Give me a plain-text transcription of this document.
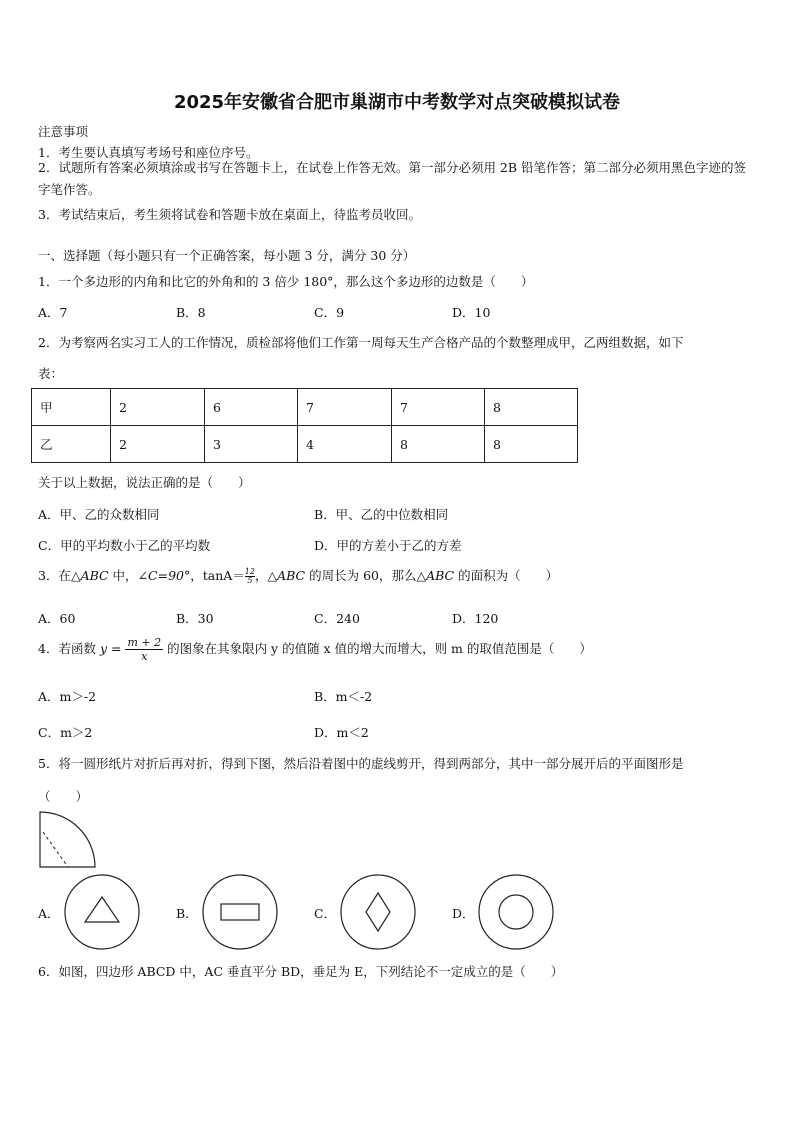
2025年安徽省合肥市巢湖市中考数学对点突破模拟试卷
注意事项
1．考生要认真填写考场号和座位序号。
2．试题所有答案必须填涂或书写在答题卡上，在试卷上作答无效。第一部分必须用 2B 铅笔作答；第二部分必须用黑色字迹的签字笔作答。
3．考试结束后，考生须将试卷和答题卡放在桌面上，待监考员收回。
一、选择题（每小题只有一个正确答案，每小题 3 分，满分 30 分）
1．一个多边形的内角和比它的外角和的 3 倍少 180°，那么这个多边形的边数是（　　）
A．7	B．8	C．9	D．10
2．为考察两名实习工人的工作情况，质检部将他们工作第一周每天生产合格产品的个数整理成甲，乙两组数据，如下
表：
甲	2	6	7	7	8
乙	2	3	4	8	8
关于以上数据，说法正确的是（　　）
A．甲、乙的众数相同	B．甲、乙的中位数相同
C．甲的平均数小于乙的平均数	D．甲的方差小于乙的方差
3．在△ABC 中，∠C=90°，$\tan A= \frac{12}{5}$，△ABC 的周长为 60，那么△ABC 的面积为（　　）
A．60	B．30	C．240	D．120
4．若函数 $y = \frac{m + 2}{x}$ 的图象在其象限内 y 的值随 x 值的增大而增大，则 m 的取值范围是（　　）
A．m＞-2	B．m＜-2
C．m＞2	D．m＜2
5．将一圆形纸片对折后再对折，得到下图，然后沿着图中的虚线剪开，得到两部分，其中一部分展开后的平面图形是
（　　）
A．	B．	C．	D．
6．如图，四边形 ABCD 中，AC 垂直平分 BD，垂足为 E，下列结论不一定成立的是（　　）
